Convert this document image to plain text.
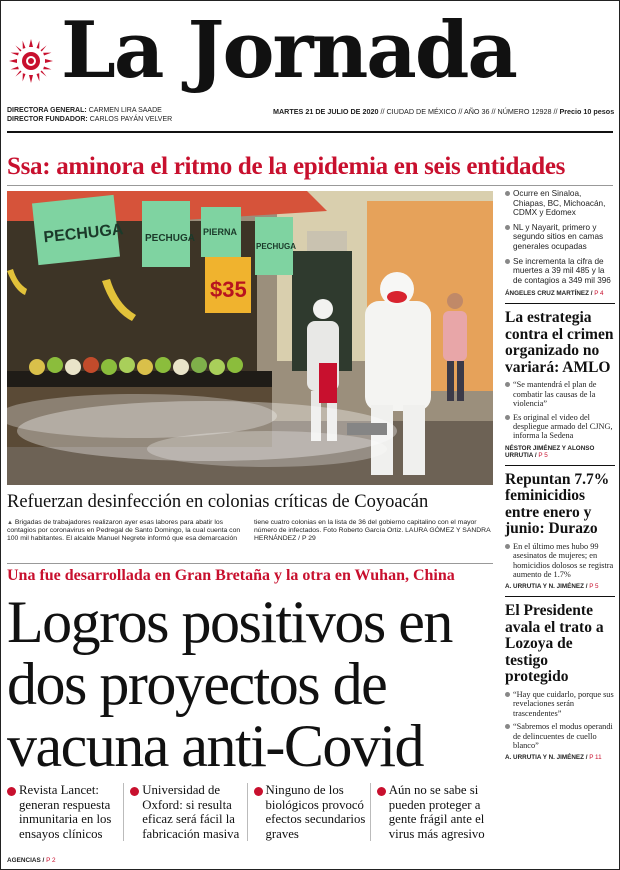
La Jornada
DIRECTORA GENERAL: CARMEN LIRA SAADE
DIRECTOR FUNDADOR: CARLOS PAYÁN VELVER
MARTES 21 DE JULIO DE 2020 // CIUDAD DE MÉXICO // AÑO 36 // NÚMERO 12928 // Precio 10 pesos
Ssa: aminora el ritmo de la epidemia en seis entidades
PECHUGA PECHUGA
PIERNA
PECHUGA
$35
Refuerzan desinfección en colonias críticas de Coyoacán
▲ Brigadas de trabajadores realizaron ayer esas labores para abatir los contagios por coronavirus en Pedregal de Santo Domingo, la cual cuenta con 100 mil habitantes. El alcalde Manuel Negrete informó que esa demarcación tiene cuatro colonias en la lista de 36 del gobierno capitalino con el mayor número de infectados. Foto Roberto García Ortiz. LAURA GÓMEZ Y SANDRA HERNÁNDEZ / P 29
Ocurre en Sinaloa, Chiapas, BC, Michoacán, CDMX y Edomex
NL y Nayarit, primero y segundo sitios en camas generales ocupadas
Se incrementa la cifra de muertes a 39 mil 485 y la de contagios a 349 mil 396
ÁNGELES CRUZ MARTÍNEZ / P 4
La estrategia contra el crimen organizado no variará: AMLO
“Se mantendrá el plan de combatir las causas de la violencia”
Es original el video del despliegue armado del CJNG, informa la Sedena
NÉSTOR JIMÉNEZ Y ALONSO URRUTIA / P 5
Repuntan 7.7% feminicidios entre enero y junio: Durazo
En el último mes hubo 99 asesinatos de mujeres; en homicidios dolosos se registra aumento de 1.7%
A. URRUTIA Y N. JIMÉNEZ / P 5
El Presidente avala el trato a Lozoya de testigo protegido
“Hay que cuidarlo, porque sus revelaciones serán trascendentes”
“Sabremos el modus operandi de delincuentes de cuello blanco”
A. URRUTIA Y N. JIMÉNEZ / P 11
Una fue desarrollada en Gran Bretaña y la otra en Wuhan, China
Logros positivos en dos proyectos de vacuna anti-Covid
Revista Lancet: generan respuesta inmunitaria en los ensayos clínicos
Universidad de Oxford: si resulta eficaz será fácil la fabricación masiva
Ninguno de los biológicos provocó efectos secundarios graves
Aún no se sabe si pueden proteger a gente frágil ante el virus más agresivo
AGENCIAS / P 2
